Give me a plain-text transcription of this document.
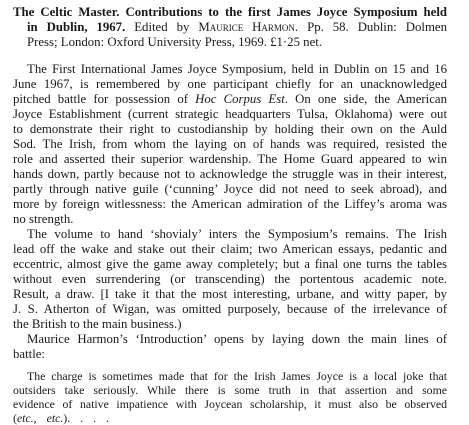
The Celtic Master. Contributions to the first James Joyce Symposium held
in Dublin, 1967. Edited by Maurice Harmon. Pp. 58. Dublin: Dolmen
Press; London: Oxford University Press, 1969. £1·25 net.
The First International James Joyce Symposium, held in Dublin on 15 and 16
June 1967, is remembered by one participant chiefly for an unacknowledged
pitched battle for possession of Hoc Corpus Est. On one side, the American
Joyce Establishment (current strategic headquarters Tulsa, Oklahoma) were out
to demonstrate their right to custodianship by holding their own on the Auld
Sod. The Irish, from whom the laying on of hands was required, resisted the
role and asserted their superior wardenship. The Home Guard appeared to win
hands down, partly because not to acknowledge the struggle was in their interest,
partly through native guile (‘cunning’ Joyce did not need to seek abroad), and
more by foreign witlessness: the American admiration of the Liffey’s aroma was
no strength.
The volume to hand ‘shovialy’ inters the Symposium’s remains. The Irish
lead off the wake and stake out their claim; two American essays, pedantic and
eccentric, almost give the game away completely; but a final one turns the tables
without even surrendering (or transcending) the portentous academic note.
Result, a draw. [I take it that the most interesting, urbane, and witty paper, by
J. S. Atherton of Wigan, was omitted purposely, because of the irrelevance of
the British to the main business.)
Maurice Harmon’s ‘Introduction’ opens by laying down the main lines of
battle:
The charge is sometimes made that for the Irish James Joyce is a local joke that
outsiders take seriously. While there is some truth in that assertion and some
evidence of native impatience with Joycean scholarship, it must also be observed
(etc., etc.). . . .
